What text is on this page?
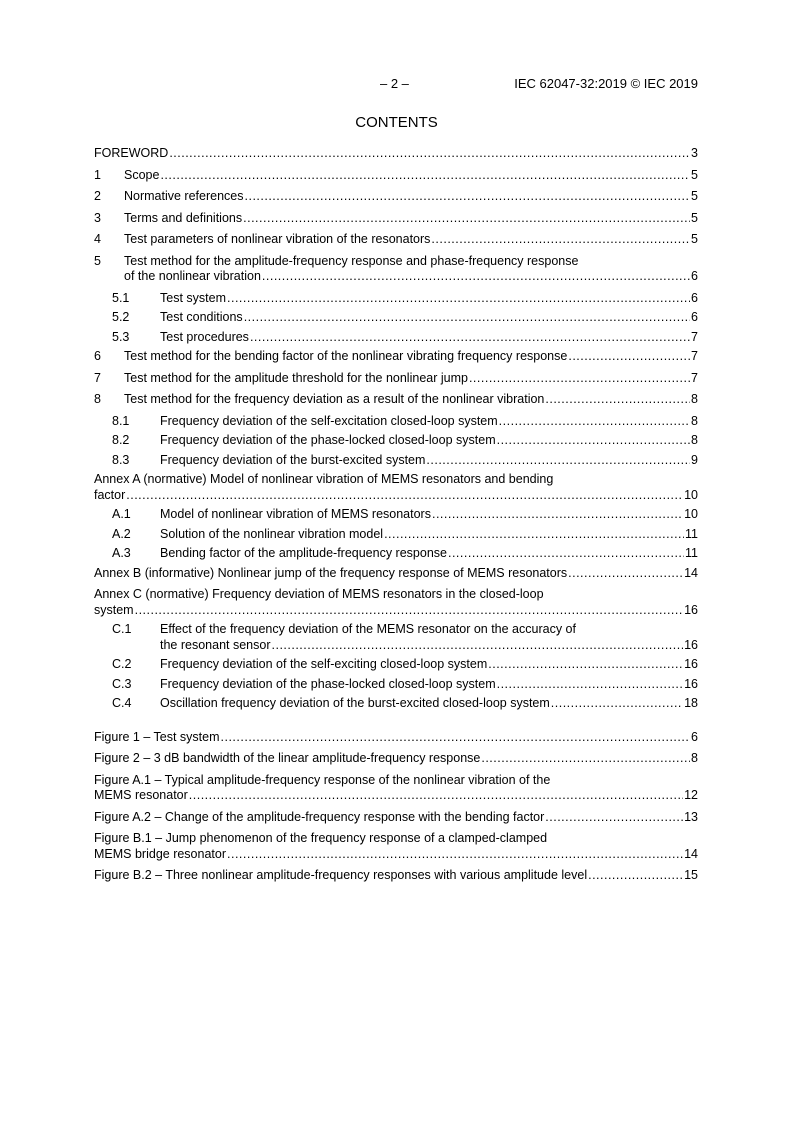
– 2 –	IEC 62047-32:2019 © IEC 2019
CONTENTS
FOREWORD .....	3
1 Scope .....	5
2 Normative references .....	5
3 Terms and definitions .....	5
4 Test parameters of nonlinear vibration of the resonators .....	5
5	Test method for the amplitude-frequency response and phase-frequency response
of the nonlinear vibration .....	6
5.1 Test system .....	6
5.2 Test conditions .....	6
5.3 Test procedures .....	7
6 Test method for the bending factor of the nonlinear vibrating frequency response .....	7
7 Test method for the amplitude threshold for the nonlinear jump .....	7
8 Test method for the frequency deviation as a result of the nonlinear vibration .....	8
8.1 Frequency deviation of the self-excitation closed-loop system .....	8
8.2 Frequency deviation of the phase-locked closed-loop system .....	8
8.3 Frequency deviation of the burst-excited system .....	9
Annex A (normative) Model of nonlinear vibration of MEMS resonators and bending
factor .....	10
A.1 Model of nonlinear vibration of MEMS resonators .....	10
A.2 Solution of the nonlinear vibration model .....	11
A.3 Bending factor of the amplitude-frequency response .....	11
Annex B (informative) Nonlinear jump of the frequency response of MEMS resonators .....	14
Annex C (normative) Frequency deviation of MEMS resonators in the closed-loop
system .....	16
C.1	Effect of the frequency deviation of the MEMS resonator on the accuracy of
the resonant sensor .....	16
C.2 Frequency deviation of the self-exciting closed-loop system .....	16
C.3 Frequency deviation of the phase-locked closed-loop system .....	16
C.4 Oscillation frequency deviation of the burst-excited closed-loop system .....	18
Figure 1 – Test system .....	6
Figure 2 – 3 dB bandwidth of the linear amplitude-frequency response .....	8
Figure A.1 – Typical amplitude-frequency response of the nonlinear vibration of the
MEMS resonator .....	12
Figure A.2 – Change of the amplitude-frequency response with the bending factor .....	13
Figure B.1 – Jump phenomenon of the frequency response of a clamped-clamped
MEMS bridge resonator .....	14
Figure B.2 – Three nonlinear amplitude-frequency responses with various amplitude level .....	15
